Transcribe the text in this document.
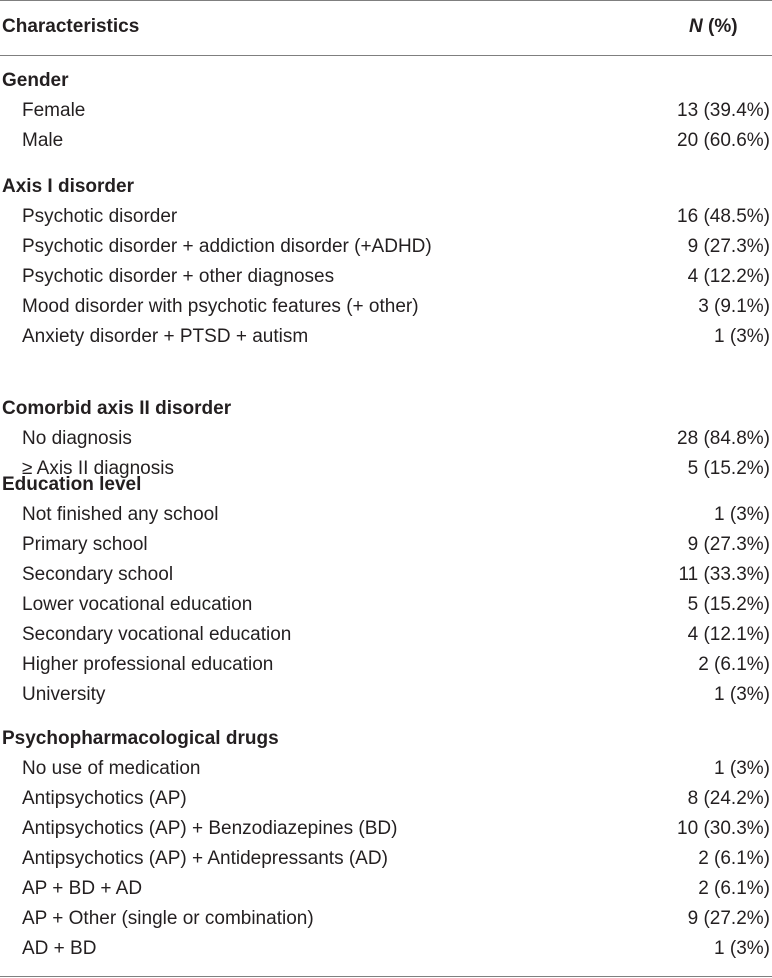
Characteristics	N (%)
Gender
Female	13 (39.4%)
Male	20 (60.6%)
Axis I disorder
Psychotic disorder	16 (48.5%)
Psychotic disorder + addiction disorder (+ADHD)	9 (27.3%)
Psychotic disorder + other diagnoses	4 (12.2%)
Mood disorder with psychotic features (+ other)	3 (9.1%)
Anxiety disorder + PTSD + autism	1 (3%)
Comorbid axis II disorder
No diagnosis	28 (84.8%)
≥ Axis II diagnosis	5 (15.2%)
Education level
Not finished any school	1 (3%)
Primary school	9 (27.3%)
Secondary school	11 (33.3%)
Lower vocational education	5 (15.2%)
Secondary vocational education	4 (12.1%)
Higher professional education	2 (6.1%)
University	1 (3%)
Psychopharmacological drugs
No use of medication	1 (3%)
Antipsychotics (AP)	8 (24.2%)
Antipsychotics (AP) + Benzodiazepines (BD)	10 (30.3%)
Antipsychotics (AP) + Antidepressants (AD)	2 (6.1%)
AP + BD + AD	2 (6.1%)
AP + Other (single or combination)	9 (27.2%)
AD + BD	1 (3%)
